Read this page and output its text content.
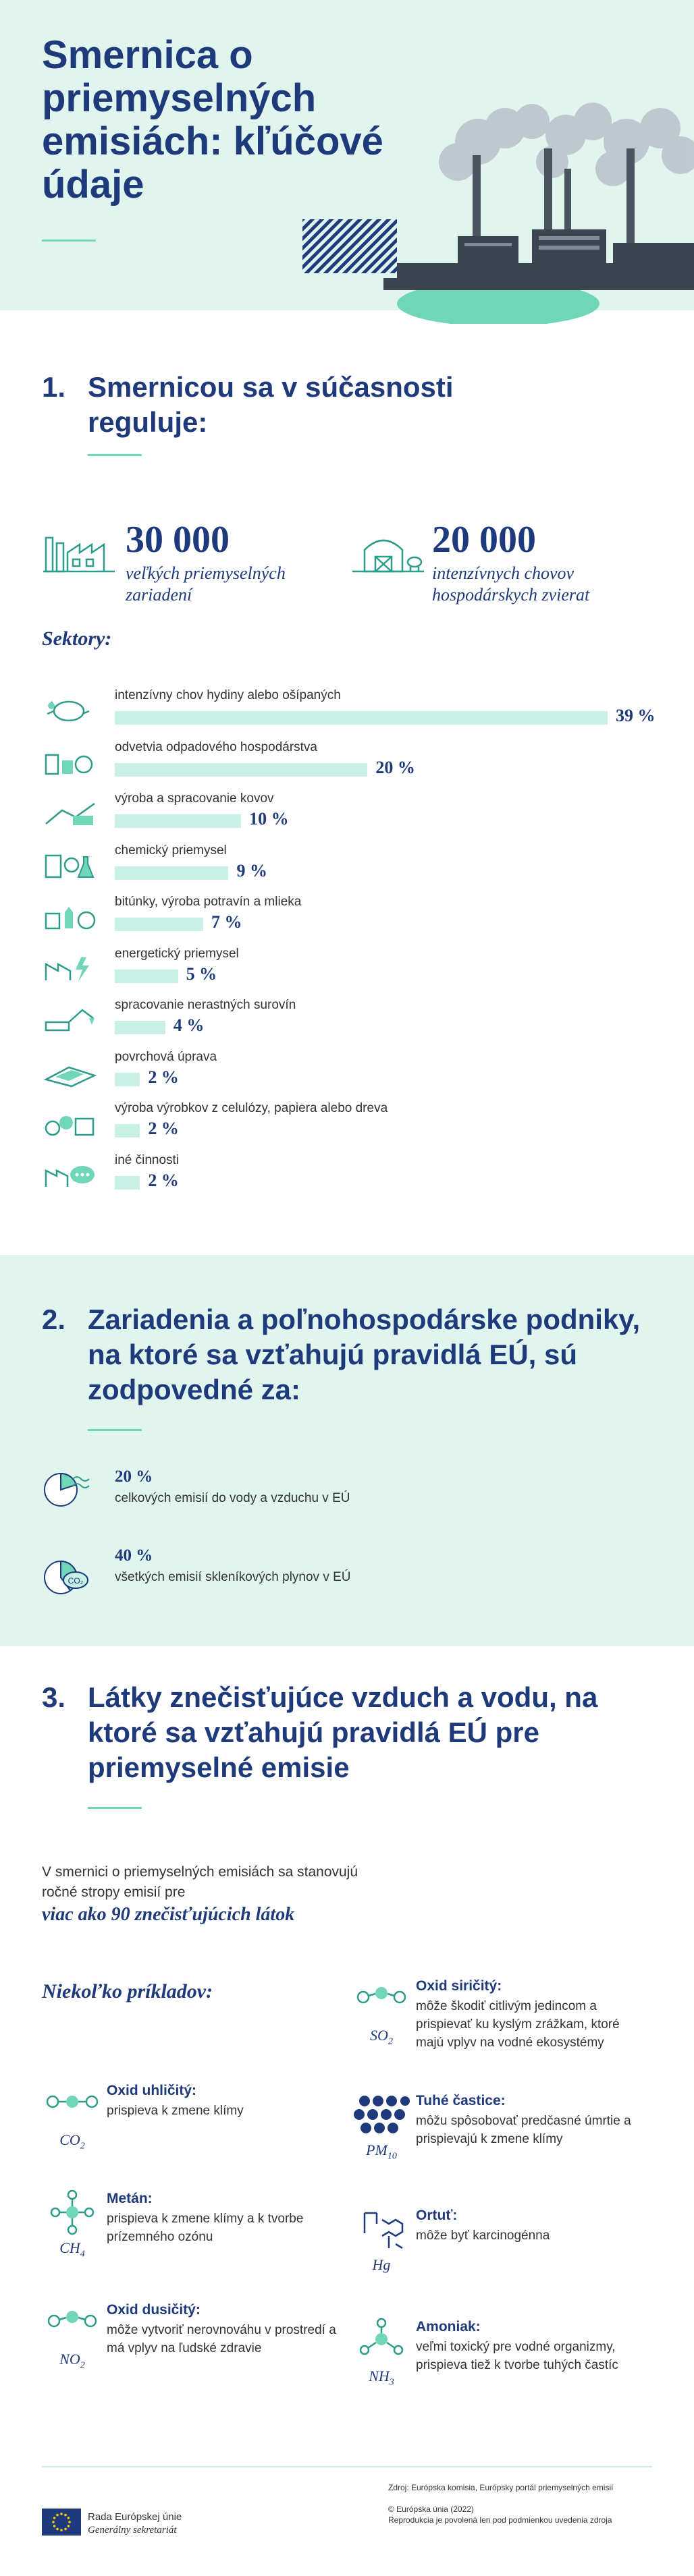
Smernica o priemyselných emisiách: kľúčové údaje
1. Smernicou sa v súčasnosti reguluje:
30 000
veľkých priemyselných zariadení
20 000
intenzívnych chovov hospodárskych zvierat
Sektory:
intenzívny chov hydiny alebo ošípaných
39 %
odvetvia odpadového hospodárstva
20 %
výroba a spracovanie kovov
10 %
chemický priemysel
9 %
bitúnky, výroba potravín a mlieka
7 %
energetický priemysel
5 %
spracovanie nerastných surovín
4 %
povrchová úprava
2 %
výroba výrobkov z celulózy, papiera alebo dreva
2 %
iné činnosti
2 %
2. Zariadenia a poľnohospodárske podniky, na ktoré sa vzťahujú pravidlá EÚ, sú zodpovedné za:
20 %
celkových emisií do vody a vzduchu v EÚ
CO₂
40 %
všetkých emisií skleníkových plynov v EÚ
3. Látky znečisťujúce vzduch a vodu, na ktoré sa vzťahujú pravidlá EÚ pre priemyselné emisie
V smernici o priemyselných emisiách sa stanovujú
ročné stropy emisií pre
viac ako 90 znečisťujúcich látok
Niekoľko príkladov:
$SO_2$
Oxid siričitý:
môže škodiť citlivým jedincom a prispievať ku kyslým zrážkam, ktoré majú vplyv na vodné ekosystémy
$CO_2$
Oxid uhličitý:
prispieva k zmene klímy
$PM_{10}$
Tuhé častice:
môžu spôsobovať predčasné úmrtie a prispievajú k zmene klímy
$CH_4$
Metán:
prispieva k zmene klímy a k tvorbe prízemného ozónu
Hg
Ortuť:
môže byť karcinogénna
$NO_2$
Oxid dusičitý:
môže vytvoriť nerovnováhu v prostredí a má vplyv na ľudské zdravie
$NH_3$
Amoniak:
veľmi toxický pre vodné organizmy, prispieva tiež k tvorbe tuhých častíc
Zdroj: Európska komisia, Európsky portál priemyselných emisií
© Európska únia (2022)
Reprodukcia je povolená len pod podmienkou uvedenia zdroja
Rada Európskej únie
Generálny sekretariát
